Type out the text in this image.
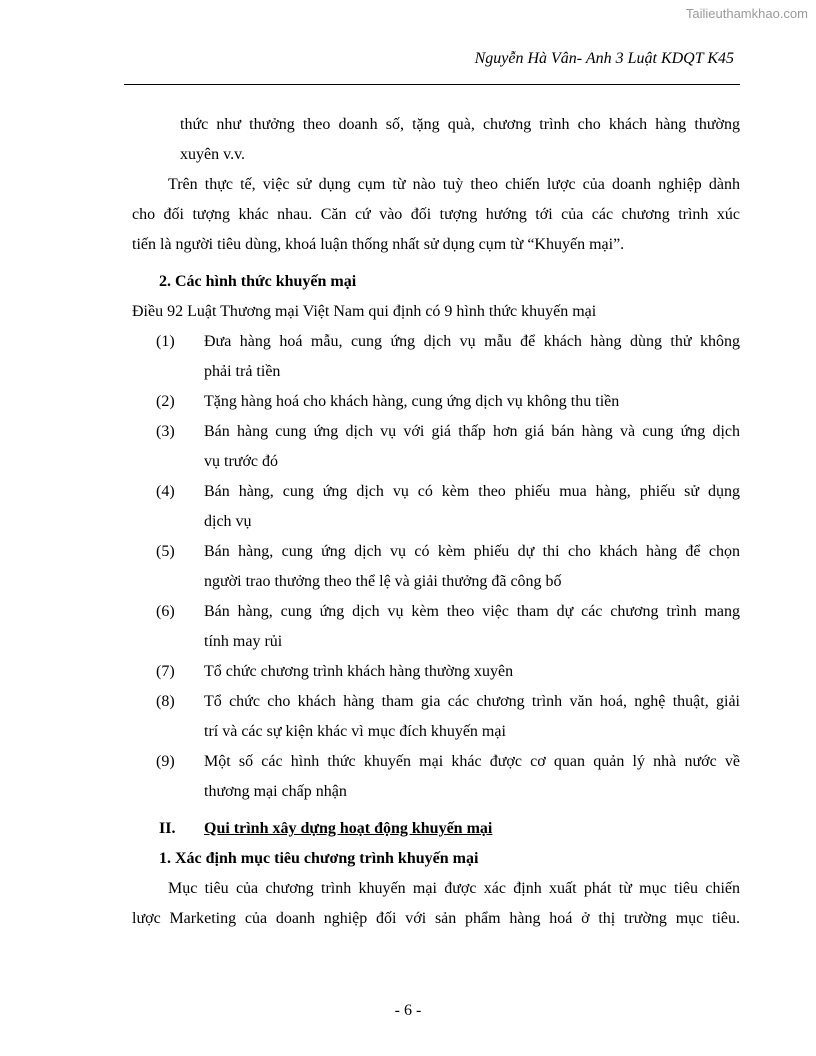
Tailieuthamkhao.com
Nguyễn Hà Vân- Anh 3 Luật KDQT K45
thức như thưởng theo doanh số, tặng quà, chương trình cho khách hàng thường
xuyên v.v.
Trên thực tế, việc sử dụng cụm từ nào tuỳ theo chiến lược của doanh nghiệp dành
cho đối tượng khác nhau. Căn cứ vào đối tượng hướng tới của các chương trình xúc
tiến là người tiêu dùng, khoá luận thống nhất sử dụng cụm từ “Khuyến mại”.
2. Các hình thức khuyến mại
Điều 92 Luật Thương mại Việt Nam qui định có 9 hình thức khuyến mại
(1) Đưa hàng hoá mẫu, cung ứng dịch vụ mẫu để khách hàng dùng thử không
phải trả tiền
(2) Tặng hàng hoá cho khách hàng, cung ứng dịch vụ không thu tiền
(3) Bán hàng cung ứng dịch vụ với giá thấp hơn giá bán hàng và cung ứng dịch
vụ trước đó
(4) Bán hàng, cung ứng dịch vụ có kèm theo phiếu mua hàng, phiếu sử dụng
dịch vụ
(5) Bán hàng, cung ứng dịch vụ có kèm phiếu dự thi cho khách hàng để chọn
người trao thưởng theo thể lệ và giải thưởng đã công bố
(6) Bán hàng, cung ứng dịch vụ kèm theo việc tham dự các chương trình mang
tính may rủi
(7) Tổ chức chương trình khách hàng thường xuyên
(8) Tổ chức cho khách hàng tham gia các chương trình văn hoá, nghệ thuật, giải
trí và các sự kiện khác vì mục đích khuyến mại
(9) Một số các hình thức khuyến mại khác được cơ quan quản lý nhà nước về
thương mại chấp nhận
II. Qui trình xây dựng hoạt động khuyến mại
1. Xác định mục tiêu chương trình khuyến mại
Mục tiêu của chương trình khuyến mại được xác định xuất phát từ mục tiêu chiến
lược Marketing của doanh nghiệp đối với sản phẩm hàng hoá ở thị trường mục tiêu.
- 6 -
